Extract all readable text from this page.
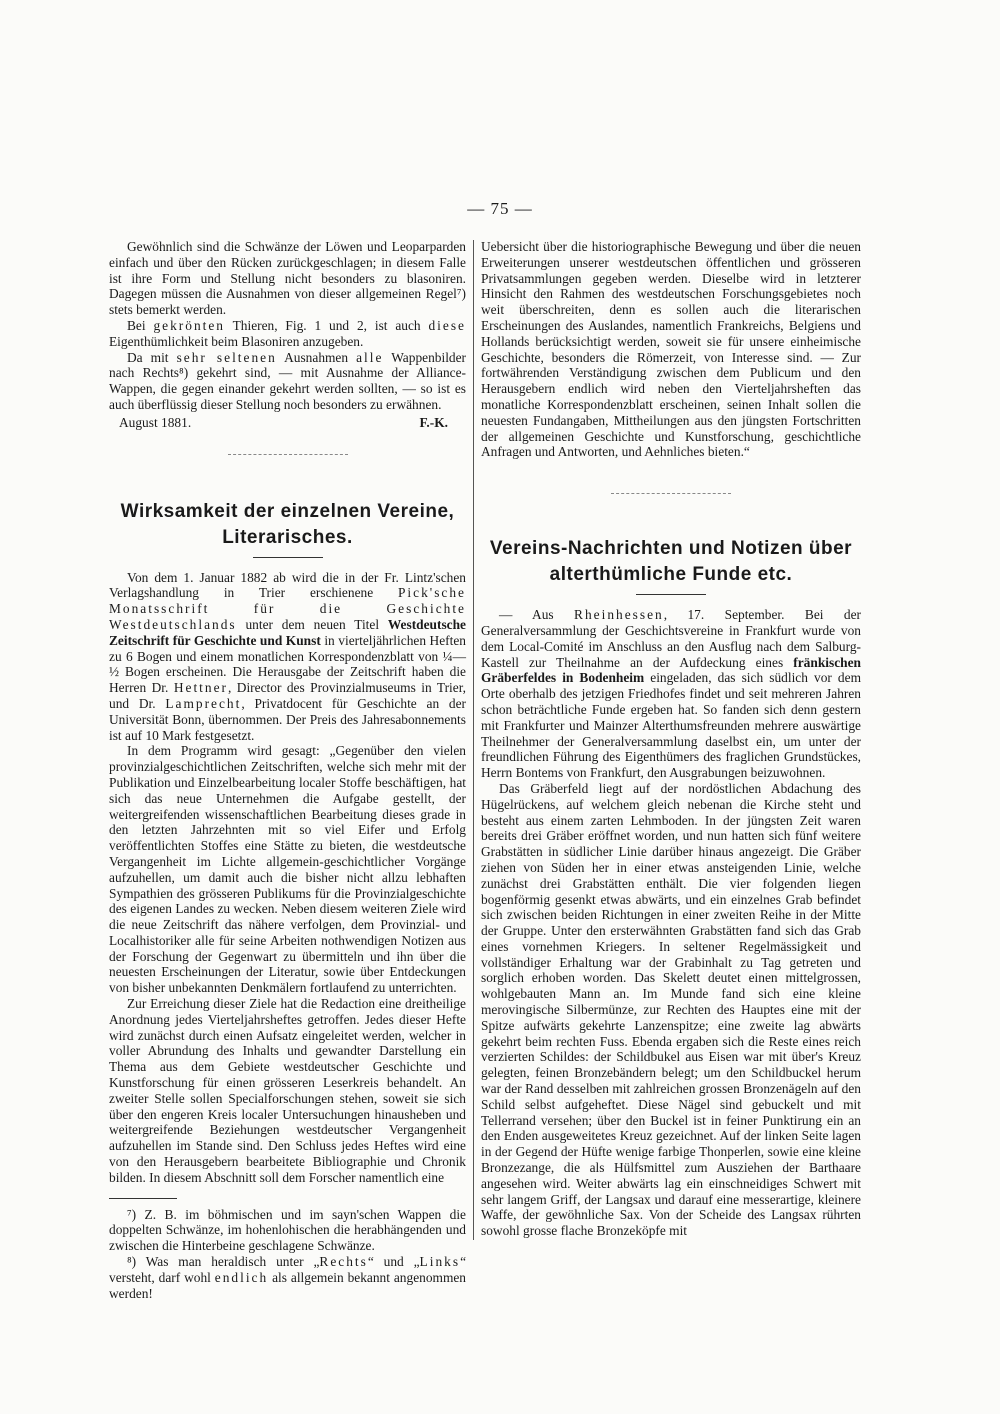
— 75 —

Gewöhnlich sind die Schwänze der Löwen und Leoparparden einfach und über den Rücken zurückgeschlagen; in diesem Falle ist ihre Form und Stellung nicht besonders zu blasoniren. Dagegen müssen die Ausnahmen von dieser allgemeinen Regel⁷) stets bemerkt werden.

Bei gekrönten Thieren, Fig. 1 und 2, ist auch diese Eigenthümlichkeit beim Blasoniren anzugeben.

Da mit sehr seltenen Ausnahmen alle Wappenbilder nach Rechts⁸) gekehrt sind, — mit Ausnahme der Alliance-Wappen, die gegen einander gekehrt werden sollten, — so ist es auch überflüssig dieser Stellung noch besonders zu erwähnen.

August 1881.	F.-K.
Wirksamkeit der einzelnen Vereine, Literarisches.

Von dem 1. Januar 1882 ab wird die in der Fr. Lintz'schen Verlagshandlung in Trier erschienene Pick'sche Monatsschrift für die Geschichte Westdeutschlands unter dem neuen Titel Westdeutsche Zeitschrift für Geschichte und Kunst in vierteljährlichen Heften zu 6 Bogen und einem monatlichen Korrespondenzblatt von ¼—½ Bogen erscheinen. Die Herausgabe der Zeitschrift haben die Herren Dr. Hettner, Director des Provinzialmuseums in Trier, und Dr. Lamprecht, Privatdocent für Geschichte an der Universität Bonn, übernommen. Der Preis des Jahresabonnements ist auf 10 Mark festgesetzt.

In dem Programm wird gesagt: „Gegenüber den vielen provinzialgeschichtlichen Zeitschriften, welche sich mehr mit der Publikation und Einzelbearbeitung localer Stoffe beschäftigen, hat sich das neue Unternehmen die Aufgabe gestellt, der weitergreifenden wissenschaftlichen Bearbeitung dieses grade in den letzten Jahrzehnten mit so viel Eifer und Erfolg veröffentlichten Stoffes eine Stätte zu bieten, die westdeutsche Vergangenheit im Lichte allgemein-geschichtlicher Vorgänge aufzuhellen, um damit auch die bisher nicht allzu lebhaften Sympathien des grösseren Publikums für die Provinzialgeschichte des eigenen Landes zu wecken. Neben diesem weiteren Ziele wird die neue Zeitschrift das nähere verfolgen, dem Provinzial- und Localhistoriker alle für seine Arbeiten nothwendigen Notizen aus der Forschung der Gegenwart zu übermitteln und ihn über die neuesten Erscheinungen der Literatur, sowie über Entdeckungen von bisher unbekannten Denkmälern fortlaufend zu unterrichten.

Zur Erreichung dieser Ziele hat die Redaction eine dreitheilige Anordnung jedes Vierteljahrsheftes getroffen. Jedes dieser Hefte wird zunächst durch einen Aufsatz eingeleitet werden, welcher in voller Abrundung des Inhalts und gewandter Darstellung ein Thema aus dem Gebiete westdeutscher Geschichte und Kunstforschung für einen grösseren Leserkreis behandelt. An zweiter Stelle sollen Specialforschungen stehen, soweit sie sich über den engeren Kreis localer Untersuchungen hinausheben und weitergreifende Beziehungen westdeutscher Vergangenheit aufzuhellen im Stande sind. Den Schluss jedes Heftes wird eine von den Herausgebern bearbeitete Bibliographie und Chronik bilden. In diesem Abschnitt soll dem Forscher namentlich eine

⁷) Z. B. im böhmischen und im sayn'schen Wappen die doppelten Schwänze, im hohenlohischen die herabhängenden und zwischen die Hinterbeine geschlagene Schwänze.

⁸) Was man heraldisch unter „Rechts“ und „Links“ versteht, darf wohl endlich als allgemein bekannt angenommen werden!

Uebersicht über die historiographische Bewegung und über die neuen Erweiterungen unserer westdeutschen öffentlichen und grösseren Privatsammlungen gegeben werden. Dieselbe wird in letzterer Hinsicht den Rahmen des westdeutschen Forschungsgebietes noch weit überschreiten, denn es sollen auch die literarischen Erscheinungen des Auslandes, namentlich Frankreichs, Belgiens und Hollands berücksichtigt werden, soweit sie für unsere einheimische Geschichte, besonders die Römerzeit, von Interesse sind. — Zur fortwährenden Verständigung zwischen dem Publicum und den Herausgebern endlich wird neben den Vierteljahrsheften das monatliche Korrespondenzblatt erscheinen, seinen Inhalt sollen die neuesten Fundangaben, Mittheilungen aus den jüngsten Fortschritten der allgemeinen Geschichte und Kunstforschung, geschichtliche Anfragen und Antworten, und Aehnliches bieten.“

Vereins-Nachrichten und Notizen über alterthümliche Funde etc.

— Aus Rheinhessen, 17. September. Bei der Generalversammlung der Geschichtsvereine in Frankfurt wurde von dem Local-Comité im Anschluss an den Ausflug nach dem Salburg-Kastell zur Theilnahme an der Aufdeckung eines fränkischen Gräberfeldes in Bodenheim eingeladen, das sich südlich vor dem Orte oberhalb des jetzigen Friedhofes findet und seit mehreren Jahren schon beträchtliche Funde ergeben hat. So fanden sich denn gestern mit Frankfurter und Mainzer Alterthumsfreunden mehrere auswärtige Theilnehmer der Generalversammlung daselbst ein, um unter der freundlichen Führung des Eigenthümers des fraglichen Grundstückes, Herrn Bontems von Frankfurt, den Ausgrabungen beizuwohnen.

Das Gräberfeld liegt auf der nordöstlichen Abdachung des Hügelrückens, auf welchem gleich nebenan die Kirche steht und besteht aus einem zarten Lehmboden. In der jüngsten Zeit waren bereits drei Gräber eröffnet worden, und nun hatten sich fünf weitere Grabstätten in südlicher Linie darüber hinaus angezeigt. Die Gräber ziehen von Süden her in einer etwas ansteigenden Linie, welche zunächst drei Grabstätten enthält. Die vier folgenden liegen bogenförmig gesenkt etwas abwärts, und ein einzelnes Grab befindet sich zwischen beiden Richtungen in einer zweiten Reihe in der Mitte der Gruppe. Unter den ersterwähnten Grabstätten fand sich das Grab eines vornehmen Kriegers. In seltener Regelmässigkeit und vollständiger Erhaltung war der Grabinhalt zu Tag getreten und sorglich erhoben worden. Das Skelett deutet einen mittelgrossen, wohlgebauten Mann an. Im Munde fand sich eine kleine merovingische Silbermünze, zur Rechten des Hauptes eine mit der Spitze aufwärts gekehrte Lanzenspitze; eine zweite lag abwärts gekehrt beim rechten Fuss. Ebenda ergaben sich die Reste eines reich verzierten Schildes: der Schildbukel aus Eisen war mit über's Kreuz gelegten, feinen Bronzebändern belegt; um den Schildbuckel herum war der Rand desselben mit zahlreichen grossen Bronzenägeln auf den Schild selbst aufgeheftet. Diese Nägel sind gebuckelt und mit Tellerrand versehen; über den Buckel ist in feiner Punktirung ein an den Enden ausgeweitetes Kreuz gezeichnet. Auf der linken Seite lagen in der Gegend der Hüfte wenige farbige Thonperlen, sowie eine kleine Bronzezange, die als Hülfsmittel zum Ausziehen der Barthaare angesehen wird. Weiter abwärts lag ein einschneidiges Schwert mit sehr langem Griff, der Langsax und darauf eine messerartige, kleinere Waffe, der gewöhnliche Sax. Von der Scheide des Langsax rührten sowohl grosse flache Bronzeköpfe mit
